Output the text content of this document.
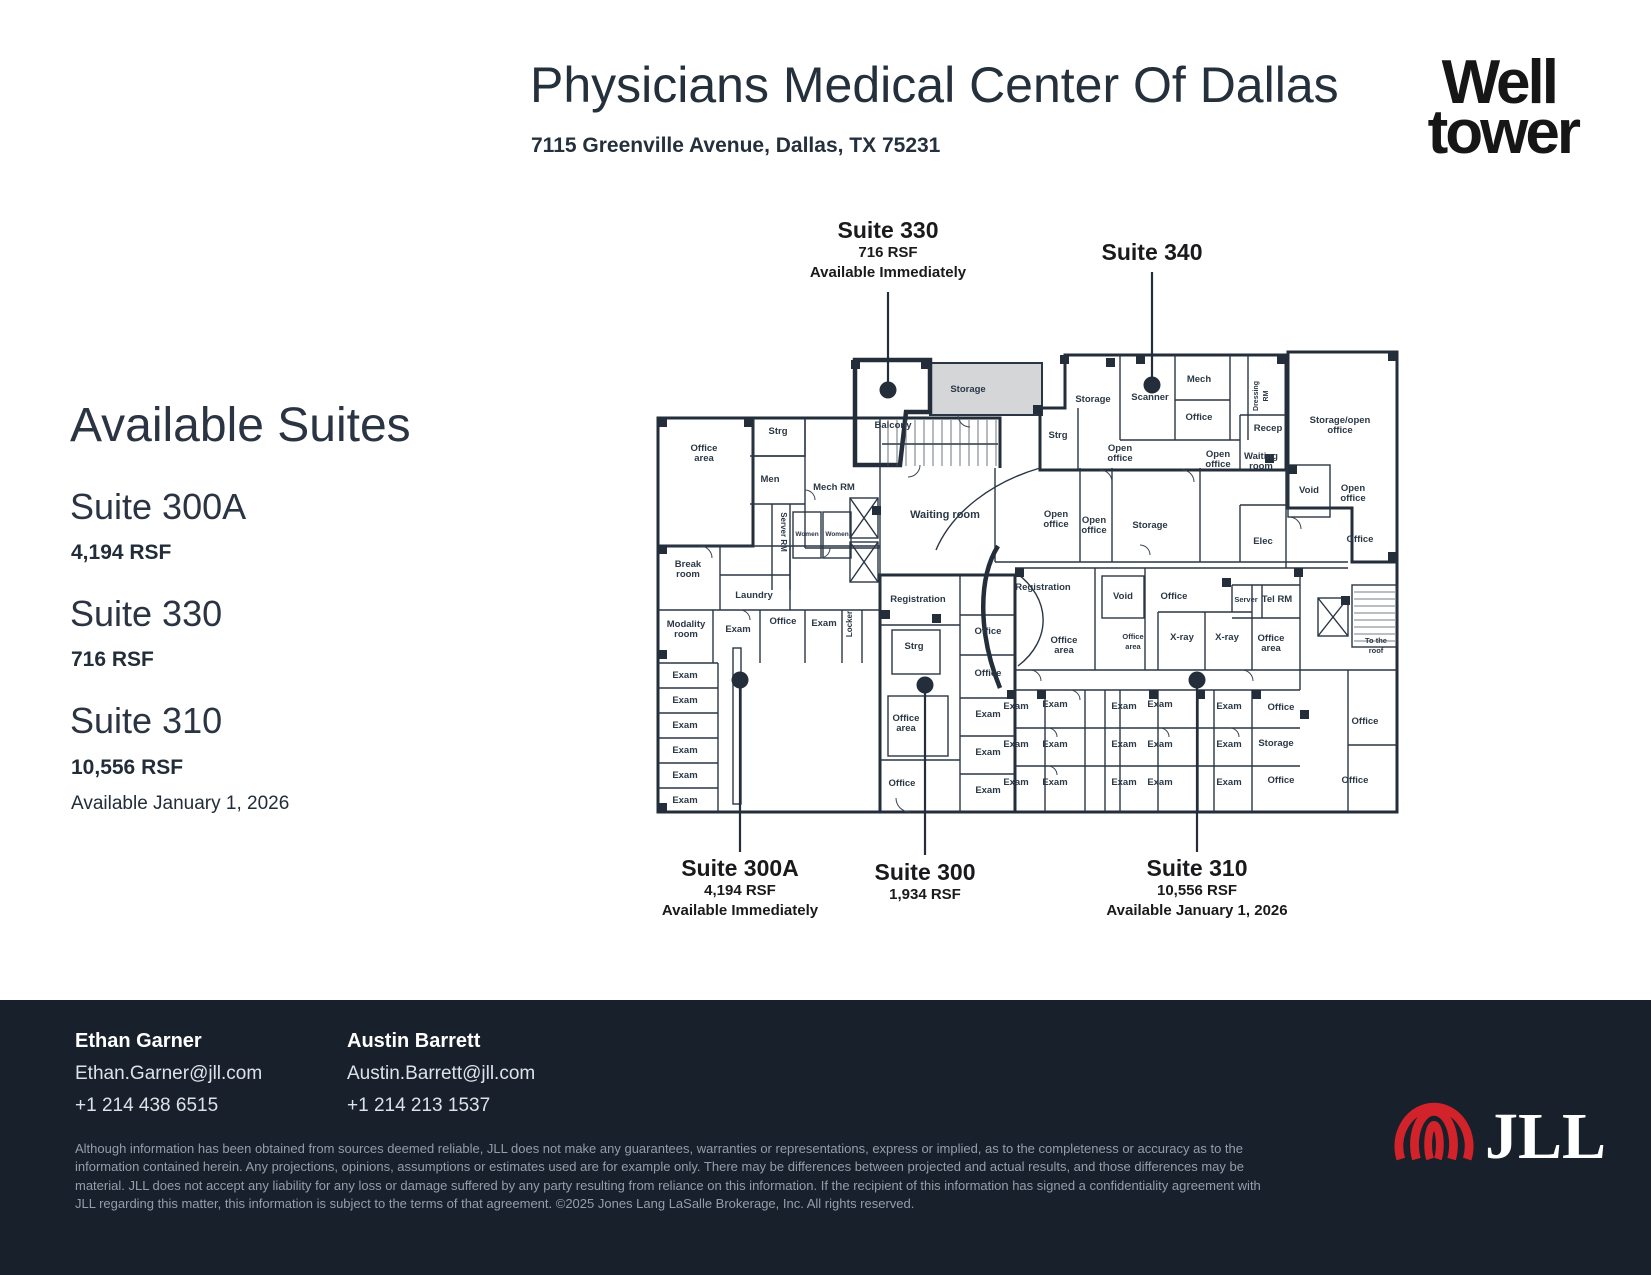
Physicians Medical Center Of Dallas
7115 Greenville Avenue, Dallas, TX 75231
Well
tower
Available Suites
Suite 300A
4,194 RSF
Suite 330
716 RSF
Suite 310
10,556 RSF
Available January 1, 2026
Office area
Strg
Men
Mech RM
Server RM Women Women
Break room
Laundry
Modality room	Exam
Office Exam Locker
Exam
Exam
Exam
Exam
Exam
Exam
Balcony
Storage
Waiting room
Strg
Storage Scanner
Mech
Office
Dressing RM
Recep
Open office	Open office
Waiting room
Storage/open office
Void Open office
Office
Open office Open office	Storage
Elec
Registration
Strg
Office area
Office
Office
Office
Exam
Exam
Exam
Registration
Void	Office	Server Tel RM
Office area
Office area
X-ray X-ray Office area
To the roof
Exam Exam	Exam Exam	Exam	Office
Exam Exam	Exam Exam	Exam Storage
Exam Exam	Exam Exam	Exam	Office
Office
Office
Suite 330
716 RSF
Available Immediately
Suite 340
Suite 300A
4,194 RSF
Available Immediately
Suite 300
1,934 RSF
Suite 310
10,556 RSF
Available January 1, 2026
Ethan Garner
Ethan.Garner@jll.com
+1 214 438 6515
Austin Barrett
Austin.Barrett@jll.com
+1 214 213 1537
Although information has been obtained from sources deemed reliable, JLL does not make any guarantees, warranties or representations, express or implied, as to the completeness or accuracy as to the information contained herein. Any projections, opinions, assumptions or estimates used are for example only. There may be differences between projected and actual results, and those differences may be material. JLL does not accept any liability for any loss or damage suffered by any party resulting from reliance on this information. If the recipient of this information has signed a confidentiality agreement with JLL regarding this matter, this information is subject to the terms of that agreement. ©2025 Jones Lang LaSalle Brokerage, Inc. All rights reserved.
JLL
